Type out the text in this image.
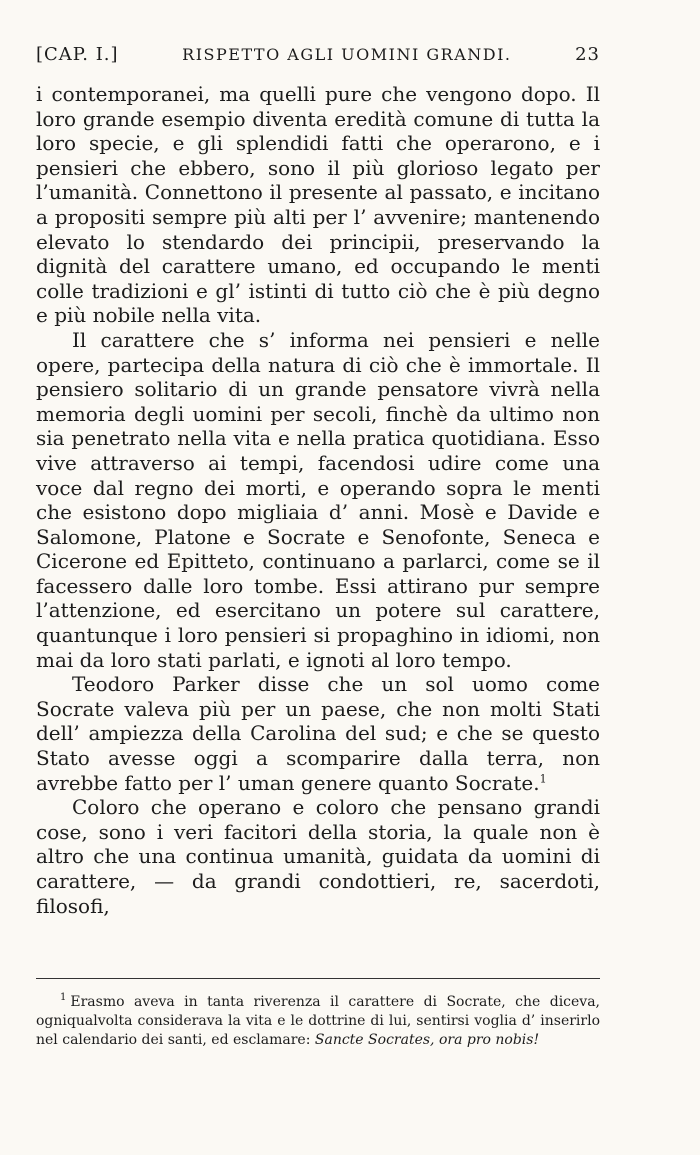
[CAP. I.]	RISPETTO AGLI UOMINI GRANDI.	23

i contemporanei, ma quelli pure che vengono dopo. Il loro grande esempio diventa eredità comune di tutta la loro specie, e gli splendidi fatti che operarono, e i pensieri che ebbero, sono il più glorioso legato per l’umanità. Connettono il presente al passato, e incitano a propositi sempre più alti per l’ avvenire; mantenendo elevato lo stendardo dei principii, preservando la dignità del carattere umano, ed occupando le menti colle tradizioni e gl’ istinti di tutto ciò che è più degno e più nobile nella vita.

Il carattere che s’ informa nei pensieri e nelle opere, partecipa della natura di ciò che è immortale. Il pensiero solitario di un grande pensatore vivrà nella memoria degli uomini per secoli, finchè da ultimo non sia penetrato nella vita e nella pratica quotidiana. Esso vive attraverso ai tempi, facendosi udire come una voce dal regno dei morti, e operando sopra le menti che esistono dopo migliaia d’ anni. Mosè e Davide e Salomone, Platone e Socrate e Senofonte, Seneca e Cicerone ed Epitteto, continuano a parlarci, come se il facessero dalle loro tombe. Essi attirano pur sempre l’attenzione, ed esercitano un potere sul carattere, quantunque i loro pensieri si propaghino in idiomi, non mai da loro stati parlati, e ignoti al loro tempo.

Teodoro Parker disse che un sol uomo come Socrate valeva più per un paese, che non molti Stati dell’ ampiezza della Carolina del sud; e che se questo Stato avesse oggi a scomparire dalla terra, non avrebbe fatto per l’ uman genere quanto Socrate.$^1$

Coloro che operano e coloro che pensano grandi cose, sono i veri facitori della storia, la quale non è altro che una continua umanità, guidata da uomini di carattere, — da grandi condottieri, re, sacerdoti, filosofi,

$^1$ Erasmo aveva in tanta riverenza il carattere di Socrate, che diceva, ogniqualvolta considerava la vita e le dottrine di lui, sentirsi voglia d’ inserirlo nel calendario dei santi, ed esclamare: Sancte Socrates, ora pro nobis!
